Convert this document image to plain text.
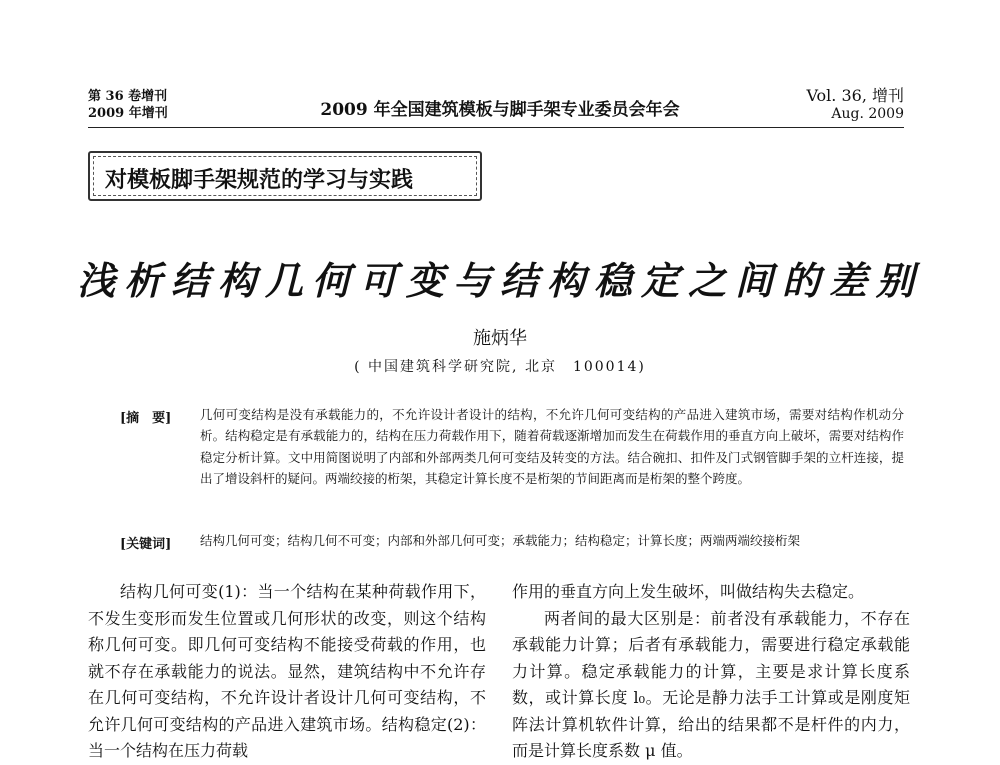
第 36 卷增刊
2009 年增刊	2009 年全国建筑模板与脚手架专业委员会年会
Vol. 36, 增刊
Aug. 2009
对模板脚手架规范的学习与实践
浅析结构几何可变与结构稳定之间的差别
施炳华
( 中国建筑科学研究院, 北京　100014)
[摘　要] 几何可变结构是没有承载能力的，不允许设计者设计的结构，不允许几何可变结构的产品进入建筑市场，需要对结构作机动分析。结构稳定是有承载能力的，结构在压力荷载作用下，随着荷载逐渐增加而发生在荷载作用的垂直方向上破坏，需要对结构作稳定分析计算。文中用简图说明了内部和外部两类几何可变结及转变的方法。结合碗扣、扣件及门式钢管脚手架的立杆连接，提出了增设斜杆的疑问。两端绞接的桁架，其稳定计算长度不是桁架的节间距离而是桁架的整个跨度。
[关键词] 结构几何可变；结构几何不可变；内部和外部几何可变；承载能力；结构稳定；计算长度；两端两端绞接桁架

结构几何可变(1)：当一个结构在某种荷载作用下，不发生变形而发生位置或几何形状的改变，则这个结构称几何可变。即几何可变结构不能接受荷载的作用，也就不存在承载能力的说法。显然，建筑结构中不允许存在几何可变结构，不允许设计者设计几何可变结构，不允许几何可变结构的产品进入建筑市场。结构稳定(2)：当一个结构在压力荷载

作用的垂直方向上发生破坏，叫做结构失去稳定。

两者间的最大区别是：前者没有承载能力，不存在承载能力计算；后者有承载能力，需要进行稳定承载能力计算。稳定承载能力的计算，主要是求计算长度系数，或计算长度 l₀。无论是静力法手工计算或是刚度矩阵法计算机软件计算，给出的结果都不是杆件的内力，而是计算长度系数 μ 值。
